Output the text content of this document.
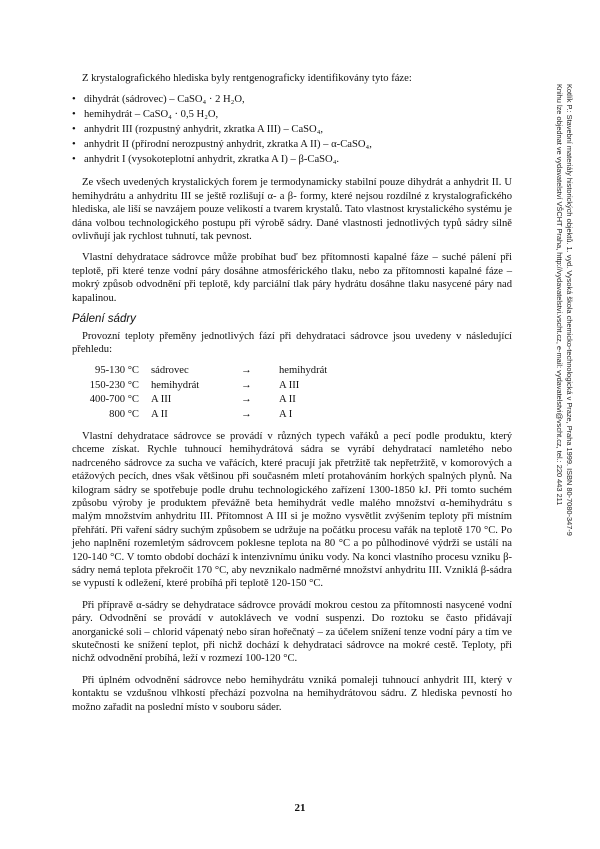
Z krystalografického hlediska byly rentgenograficky identifikovány tyto fáze:

• dihydrát (sádrovec) – CaSO₄ · 2 H₂O,
• hemihydrát – CaSO₄ · 0,5 H₂O,
• anhydrit III (rozpustný anhydrit, zkratka A III) – CaSO₄,
• anhydrit II (přírodní nerozpustný anhydrit, zkratka A II) – α-CaSO₄,
• anhydrit I (vysokoteplotní anhydrit, zkratka A I) – β-CaSO₄.

Ze všech uvedených krystalických forem je termodynamicky stabilní pouze dihydrát a anhydrit II. U hemihydrátu a anhydritu III se ještě rozlišují α- a β- formy, které nejsou rozdílné z krystalografického hlediska, ale liší se navzájem pouze velikostí a tvarem krystalů. Tato vlastnost krystalického systému je dána volbou technologického postupu při výrobě sádry. Dané vlastnosti jednotlivých typů sádry silně ovlivňují jak rychlost tuhnutí, tak pevnost.

Vlastní dehydratace sádrovce může probíhat buď bez přítomnosti kapalné fáze – suché pálení při teplotě, při které tenze vodní páry dosáhne atmosférického tlaku, nebo za přítomnosti kapalné fáze – mokrý způsob odvodnění při teplotě, kdy parciální tlak páry hydrátu dosáhne tlaku nasycené páry nad kapalinou.

Pálení sádry

Provozní teploty přeměny jednotlivých fází při dehydrataci sádrovce jsou uvedeny v následující přehledu:

95-130 °C	sádrovec	→	hemihydrát
150-230 °C	hemihydrát	→	A III
400-700 °C	A III	→	A II
800 °C	A II	→	A I

Vlastní dehydratace sádrovce se provádí v různých typech vařáků a pecí podle produktu, který chceme získat. Rychle tuhnoucí hemihydrátová sádra se vyrábí dehydratací namletého nebo nadrceného sádrovce za sucha ve vařácích, které pracují jak přetržitě tak nepřetržitě, v komorových a etážových pecích, dnes však většinou při současném mletí protahováním horkých spalných plynů. Na kilogram sádry se spotřebuje podle druhu technologického zařízení 1300-1850 kJ. Při tomto suchém způsobu výroby je produktem převážně beta hemihydrát vedle malého množství α-hemihydrátu s malým množstvím anhydritu III. Přítomnost A III si je možno vysvětlit zvýšením teploty při místním přehřátí. Při vaření sádry suchým způsobem se udržuje na počátku procesu vařák na teplotě 170 °C. Po jeho naplnění rozemletým sádrovcem poklesne teplota na 80 °C a po půlhodinové výdrži se ustálí na 120-140 °C. V tomto období dochází k intenzivnímu úniku vody. Na konci vlastního procesu vzniku β-sádry nemá teplota překročit 170 °C, aby nevznikalo nadměrné množství anhydritu III. Vzniklá β-sádra se vypustí k odležení, které probíhá při teplotě 120-150 °C.

Při přípravě α-sádry se dehydratace sádrovce provádí mokrou cestou za přítomnosti nasycené vodní páry. Odvodnění se provádí v autoklávech ve vodní suspenzi. Do roztoku se často přidávají anorganické soli – chlorid vápenatý nebo síran hořečnatý – za účelem snížení tenze vodní páry a tím ve skutečnosti ke snížení teplot, při nichž dochází k dehydrataci sádrovce na mokré cestě. Teploty, při nichž odvodnění probíhá, leží v rozmezí 100-120 °C.

Při úplném odvodnění sádrovce nebo hemihydrátu vzniká pomaleji tuhnoucí anhydrit III, který v kontaktu se vzdušnou vlhkostí přechází pozvolna na hemihydrátovou sádru. Z hlediska pevností ho možno zařadit na poslední místo v souboru sáder.

Kotlík P.: Stavební materiály historických objektů. 1. vyd. Vysoká škola chemicko-technologická v Praze, Praha 1999. ISBN 80-7080-347-9
Knihu lze objednat ve vydavatelství VŠCHT Praha, http://vydavatelstvi.vscht.cz, e-mail: vydavatelstvi@vscht.cz, tel.: 220 443 211
21
